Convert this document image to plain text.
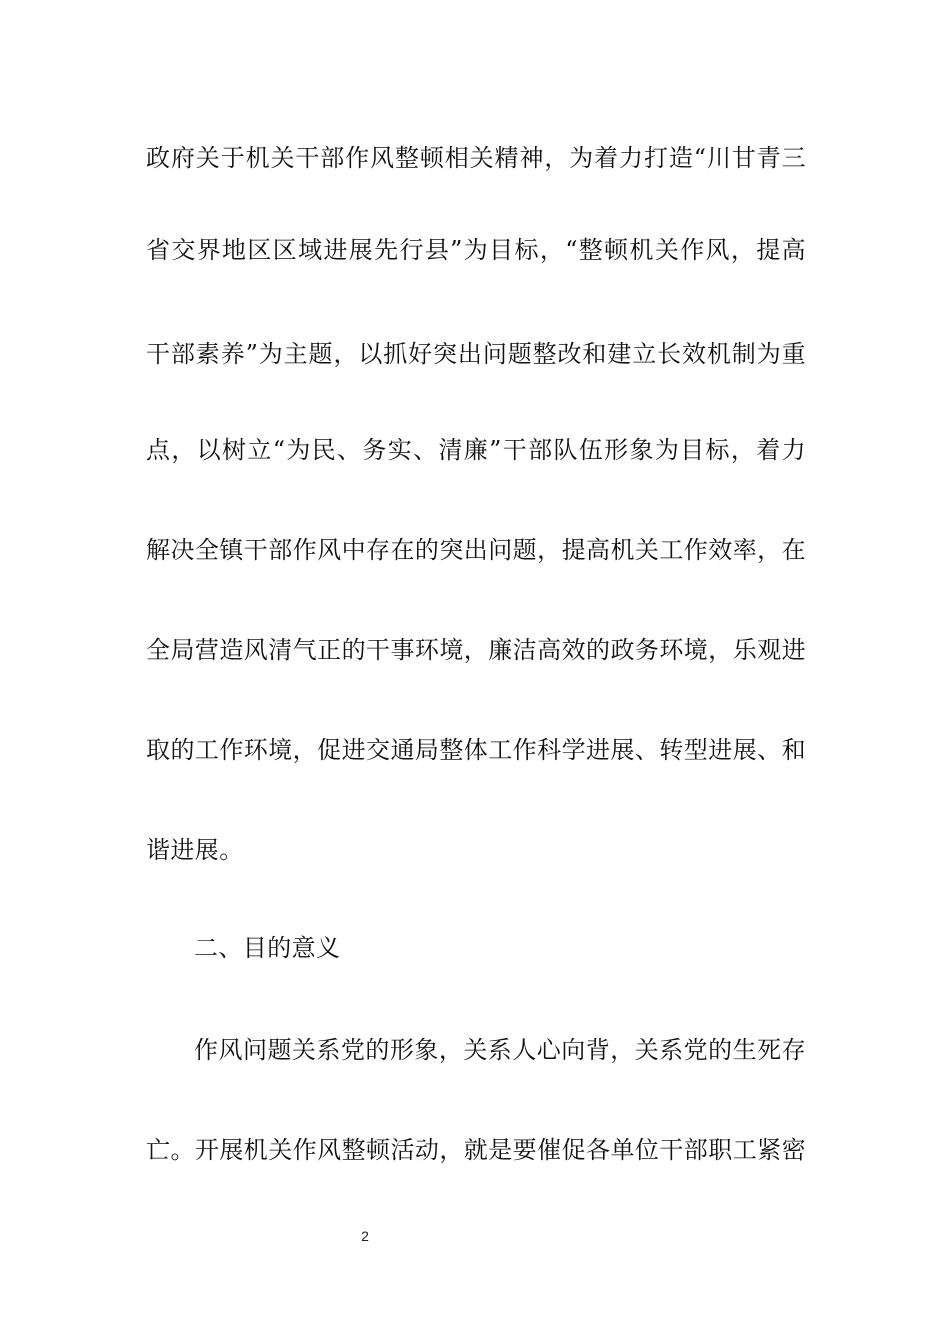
政府关于机关干部作风整顿相关精神，为着力打造“川甘青三
省交界地区区域进展先行县”为目标，“整顿机关作风，提高
干部素养”为主题，以抓好突出问题整改和建立长效机制为重
点，以树立“为民、务实、清廉”干部队伍形象为目标，着力
解决全镇干部作风中存在的突出问题，提高机关工作效率，在
全局营造风清气正的干事环境，廉洁高效的政务环境，乐观进
取的工作环境，促进交通局整体工作科学进展、转型进展、和
谐进展。
二、目的意义
作风问题关系党的形象，关系人心向背，关系党的生死存
亡。开展机关作风整顿活动，就是要催促各单位干部职工紧密
2
